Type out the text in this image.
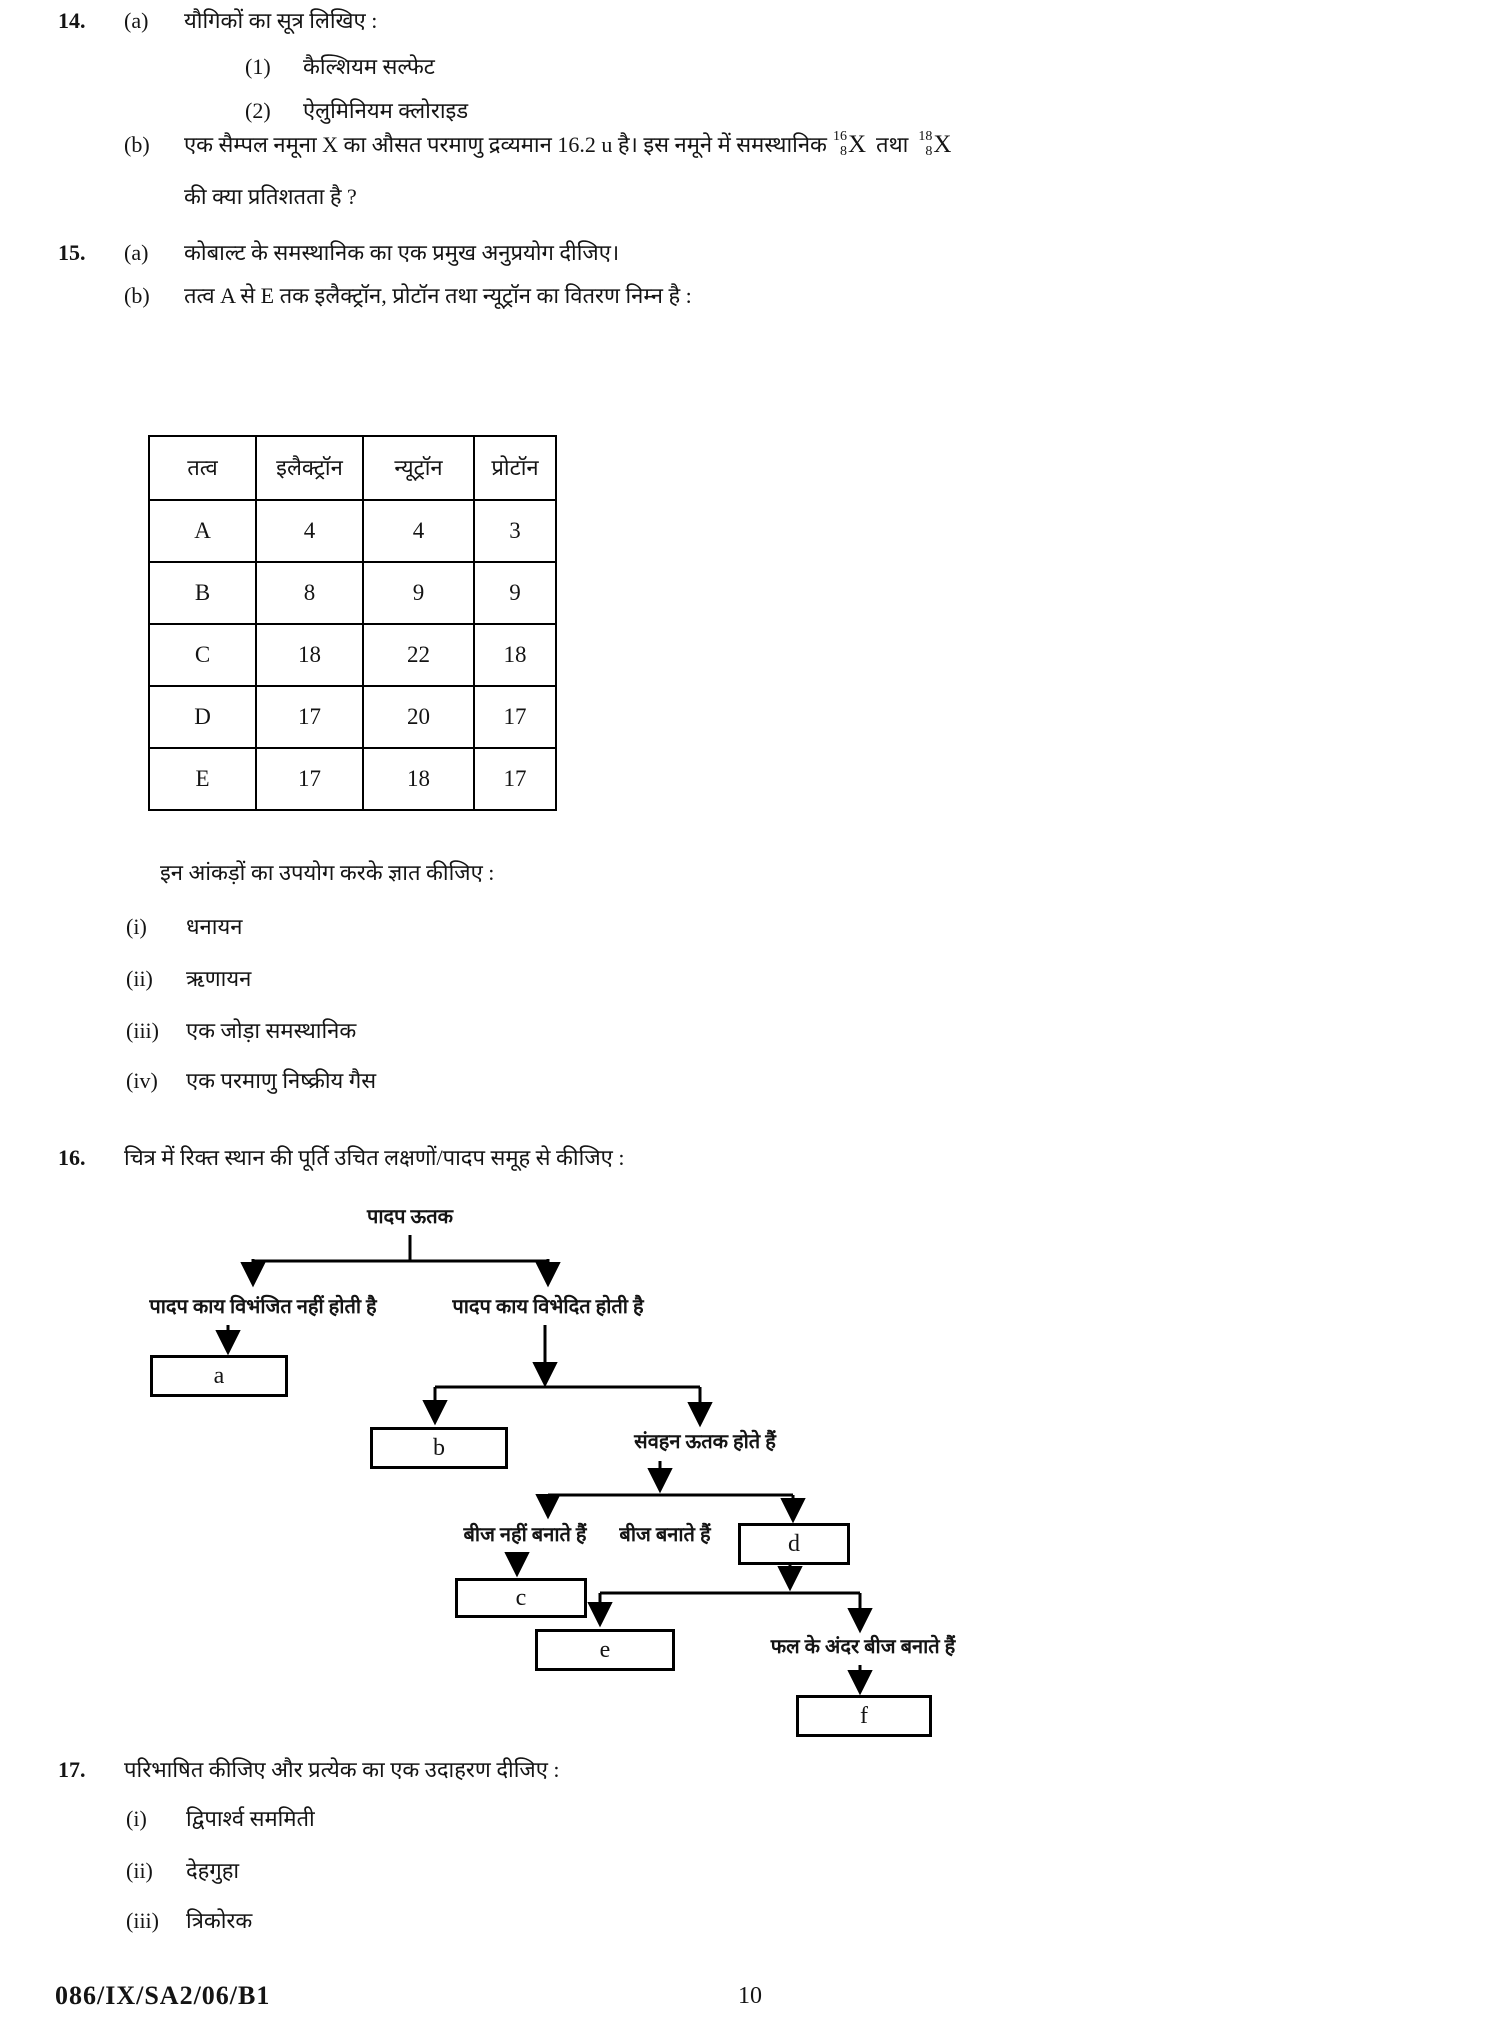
14.	(a)	यौगिकों का सूत्र लिखिए :
(1)	कैल्शियम सल्फेट
(2)	ऐलुमिनियम क्लोराइड
(b)	एक सैम्पल नमूना X का औसत परमाणु द्रव्यमान 16.2 u है। इस नमूने में समस्थानिक 16
8 X तथा 18
8 X
की क्या प्रतिशतता है ?
15.	(a)	कोबाल्ट के समस्थानिक का एक प्रमुख अनुप्रयोग दीजिए।
(b)	तत्व A से E तक इलैक्ट्रॉन, प्रोटॉन तथा न्यूट्रॉन का वितरण निम्न है :
तत्व	इलैक्ट्रॉन	न्यूट्रॉन	प्रोटॉन
A	4	4	3
B	8	9	9
C	18	22	18
D	17	20	17
E	17	18	17
इन आंकड़ों का उपयोग करके ज्ञात कीजिए :
(i)	धनायन
(ii)	ऋणायन
(iii)	एक जोड़ा समस्थानिक
(iv)	एक परमाणु निष्क्रीय गैस
16.	चित्र में रिक्त स्थान की पूर्ति उचित लक्षणों/पादप समूह से कीजिए :
पादप ऊतक
पादप काय विभंजित नहीं होती है	पादप काय विभेदित होती है
संवहन ऊतक होते हैं
बीज नहीं बनाते हैं	बीज बनाते हैं
फल के अंदर बीज बनाते हैं
a
b
c
d
e
f
17.	परिभाषित कीजिए और प्रत्येक का एक उदाहरण दीजिए :
(i)	द्विपार्श्व सममिती
(ii)	देहगुहा
(iii)	त्रिकोरक
086/IX/SA2/06/B1	10
